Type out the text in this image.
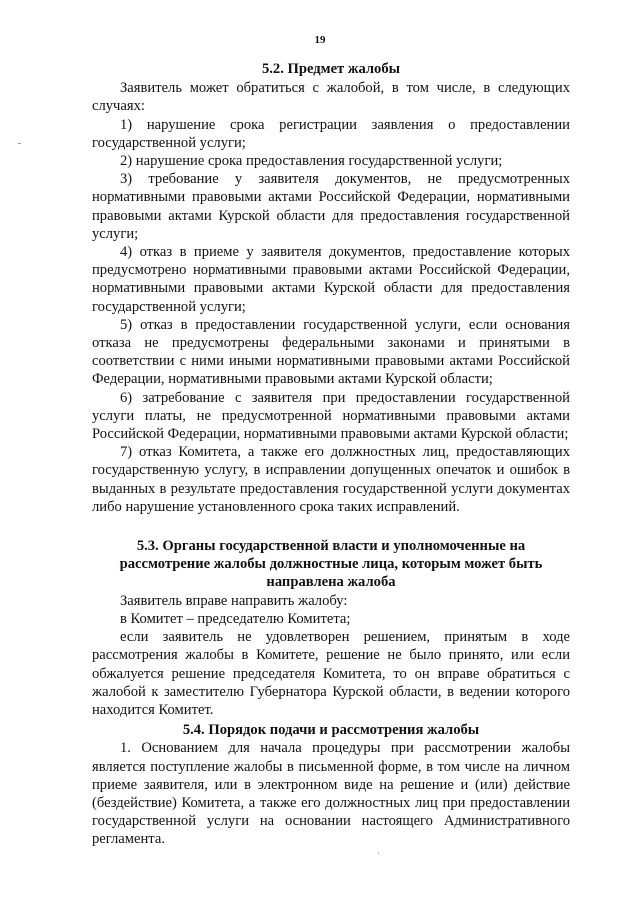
19
5.2. Предмет жалобы

Заявитель может обратиться с жалобой, в том числе, в следующих случаях:

1) нарушение срока регистрации заявления о предоставлении государственной услуги;

2) нарушение срока предоставления государственной услуги;

3) требование у заявителя документов, не предусмотренных нормативными правовыми актами Российской Федерации, нормативными правовыми актами Курской области для предоставления государственной услуги;

4) отказ в приеме у заявителя документов, предоставление которых предусмотрено нормативными правовыми актами Российской Федерации, нормативными правовыми актами Курской области для предоставления государственной услуги;

5) отказ в предоставлении государственной услуги, если основания отказа не предусмотрены федеральными законами и принятыми в соответствии с ними иными нормативными правовыми актами Российской Федерации, нормативными правовыми актами Курской области;

6) затребование с заявителя при предоставлении государственной услуги платы, не предусмотренной нормативными правовыми актами Российской Федерации, нормативными правовыми актами Курской области;

7) отказ Комитета, а также его должностных лиц, предоставляющих государственную услугу, в исправлении допущенных опечаток и ошибок в выданных в результате предоставления государственной услуги документах либо нарушение установленного срока таких исправлений.

5.3. Органы государственной власти и уполномоченные на рассмотрение жалобы должностные лица, которым может быть направлена жалоба

Заявитель вправе направить жалобу:

в Комитет – председателю Комитета;

если заявитель не удовлетворен решением, принятым в ходе рассмотрения жалобы в Комитете, решение не было принято, или если обжалуется решение председателя Комитета, то он вправе обратиться с жалобой к заместителю Губернатора Курской области, в ведении которого находится Комитет.

5.4. Порядок подачи и рассмотрения жалобы

1. Основанием для начала процедуры при рассмотрении жалобы является поступление жалобы в письменной форме, в том числе на личном приеме заявителя, или в электронном виде на решение и (или) действие (бездействие) Комитета, а также его должностных лиц при предоставлении государственной услуги на основании настоящего Административного регламента.
